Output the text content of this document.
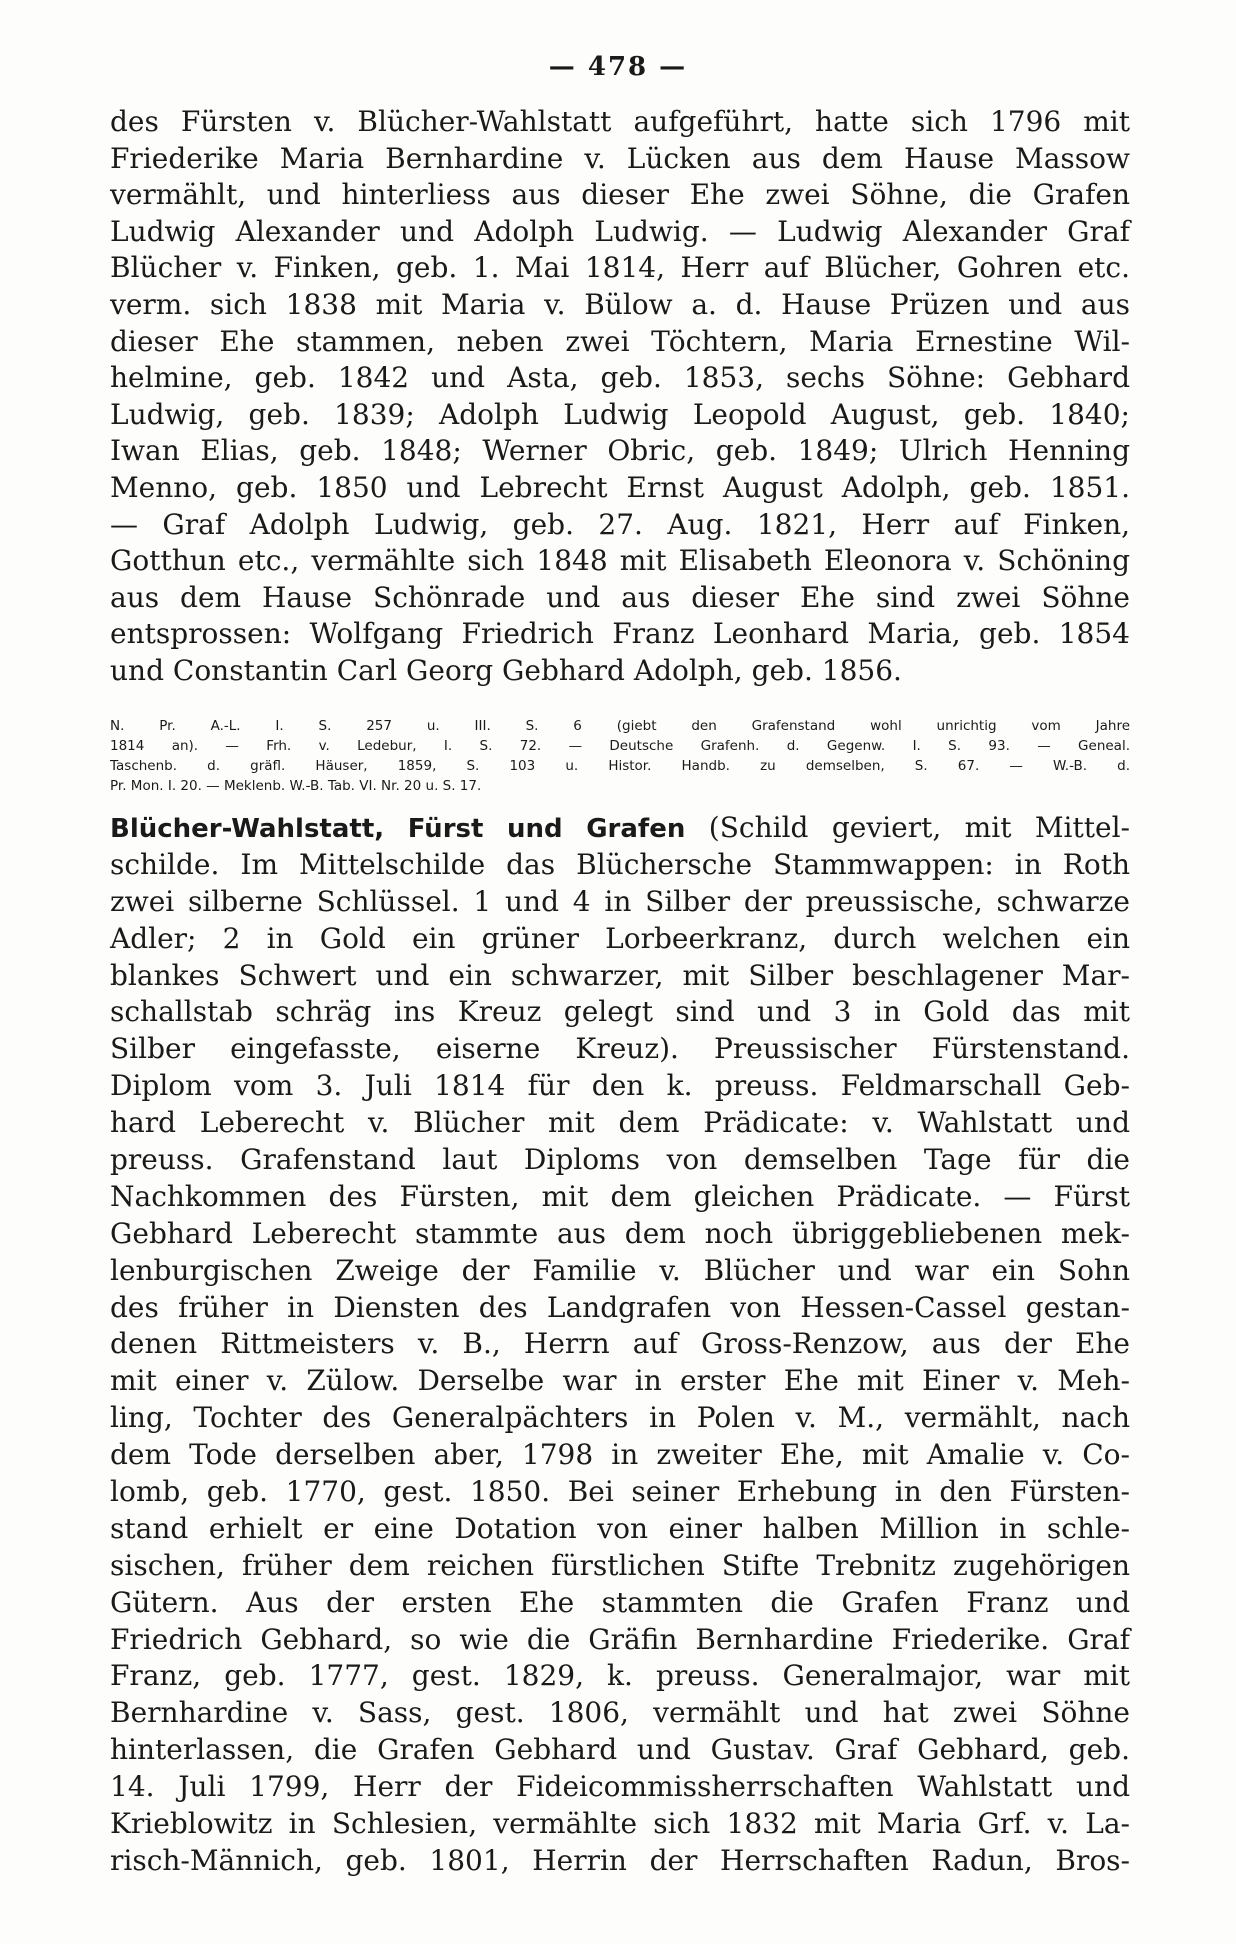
— 478 —
des Fürsten v. Blücher-Wahlstatt aufgeführt, hatte sich 1796 mit
Friederike Maria Bernhardine v. Lücken aus dem Hause Massow
vermählt, und hinterliess aus dieser Ehe zwei Söhne, die Grafen
Ludwig Alexander und Adolph Ludwig. — Ludwig Alexander Graf
Blücher v. Finken, geb. 1. Mai 1814, Herr auf Blücher, Gohren etc.
verm. sich 1838 mit Maria v. Bülow a. d. Hause Prüzen und aus
dieser Ehe stammen, neben zwei Töchtern, Maria Ernestine Wil-
helmine, geb. 1842 und Asta, geb. 1853, sechs Söhne: Gebhard
Ludwig, geb. 1839; Adolph Ludwig Leopold August, geb. 1840;
Iwan Elias, geb. 1848; Werner Obric, geb. 1849; Ulrich Henning
Menno, geb. 1850 und Lebrecht Ernst August Adolph, geb. 1851.
— Graf Adolph Ludwig, geb. 27. Aug. 1821, Herr auf Finken,
Gotthun etc., vermählte sich 1848 mit Elisabeth Eleonora v. Schöning
aus dem Hause Schönrade und aus dieser Ehe sind zwei Söhne
entsprossen: Wolfgang Friedrich Franz Leonhard Maria, geb. 1854
und Constantin Carl Georg Gebhard Adolph, geb. 1856.
N. Pr. A.-L. I. S. 257 u. III. S. 6 (giebt den Grafenstand wohl unrichtig vom Jahre
1814 an). — Frh. v. Ledebur, I. S. 72. — Deutsche Grafenh. d. Gegenw. I. S. 93. — Geneal.
Taschenb. d. gräfl. Häuser, 1859, S. 103 u. Histor. Handb. zu demselben, S. 67. — W.-B. d.
Pr. Mon. I. 20. — Meklenb. W.-B. Tab. VI. Nr. 20 u. S. 17.
Blücher-Wahlstatt, Fürst und Grafen (Schild geviert, mit Mittel-
schilde. Im Mittelschilde das Blüchersche Stammwappen: in Roth
zwei silberne Schlüssel. 1 und 4 in Silber der preussische, schwarze
Adler; 2 in Gold ein grüner Lorbeerkranz, durch welchen ein
blankes Schwert und ein schwarzer, mit Silber beschlagener Mar-
schallstab schräg ins Kreuz gelegt sind und 3 in Gold das mit
Silber eingefasste, eiserne Kreuz). Preussischer Fürstenstand.
Diplom vom 3. Juli 1814 für den k. preuss. Feldmarschall Geb-
hard Leberecht v. Blücher mit dem Prädicate: v. Wahlstatt und
preuss. Grafenstand laut Diploms von demselben Tage für die
Nachkommen des Fürsten, mit dem gleichen Prädicate. — Fürst
Gebhard Leberecht stammte aus dem noch übriggebliebenen mek-
lenburgischen Zweige der Familie v. Blücher und war ein Sohn
des früher in Diensten des Landgrafen von Hessen-Cassel gestan-
denen Rittmeisters v. B., Herrn auf Gross-Renzow, aus der Ehe
mit einer v. Zülow. Derselbe war in erster Ehe mit Einer v. Meh-
ling, Tochter des Generalpächters in Polen v. M., vermählt, nach
dem Tode derselben aber, 1798 in zweiter Ehe, mit Amalie v. Co-
lomb, geb. 1770, gest. 1850. Bei seiner Erhebung in den Fürsten-
stand erhielt er eine Dotation von einer halben Million in schle-
sischen, früher dem reichen fürstlichen Stifte Trebnitz zugehörigen
Gütern. Aus der ersten Ehe stammten die Grafen Franz und
Friedrich Gebhard, so wie die Gräfin Bernhardine Friederike. Graf
Franz, geb. 1777, gest. 1829, k. preuss. Generalmajor, war mit
Bernhardine v. Sass, gest. 1806, vermählt und hat zwei Söhne
hinterlassen, die Grafen Gebhard und Gustav. Graf Gebhard, geb.
14. Juli 1799, Herr der Fideicommissherrschaften Wahlstatt und
Krieblowitz in Schlesien, vermählte sich 1832 mit Maria Grf. v. La-
risch-Männich, geb. 1801, Herrin der Herrschaften Radun, Bros-
